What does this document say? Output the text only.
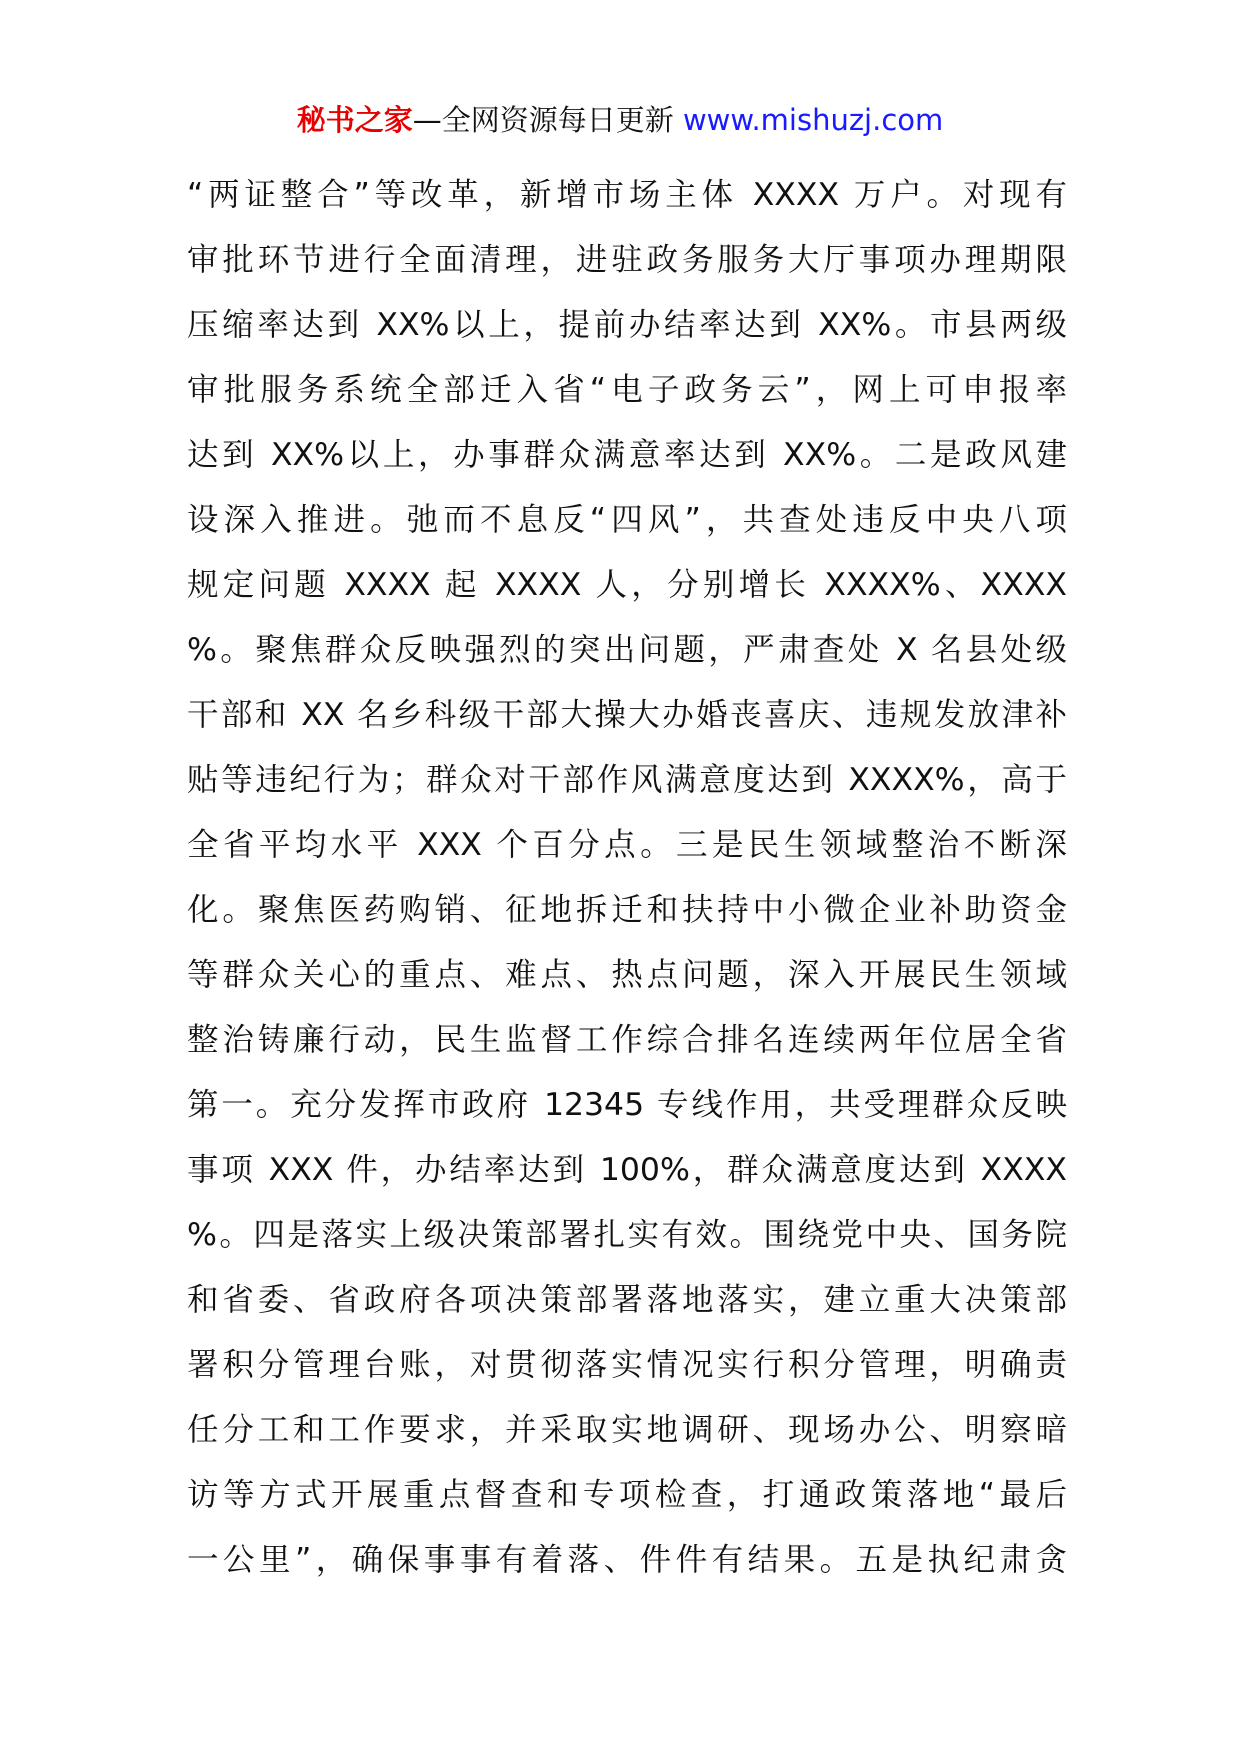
秘书之家—全网资源每日更新 www.mishuzj.com
“两证整合”等改革，新增市场主体 XXXX 万户。对现有
审批环节进行全面清理，进驻政务服务大厅事项办理期限
压缩率达到 XX%以上，提前办结率达到 XX%。市县两级
审批服务系统全部迁入省“电子政务云”，网上可申报率
达到 XX%以上，办事群众满意率达到 XX%。二是政风建
设深入推进。弛而不息反“四风”，共查处违反中央八项
规定问题 XXXX 起 XXXX 人，分别增长 XXXX%、XXXX
%。聚焦群众反映强烈的突出问题，严肃查处 X 名县处级
干部和 XX 名乡科级干部大操大办婚丧喜庆、违规发放津补
贴等违纪行为；群众对干部作风满意度达到 XXXX%，高于
全省平均水平 XXX 个百分点。三是民生领域整治不断深
化。聚焦医药购销、征地拆迁和扶持中小微企业补助资金
等群众关心的重点、难点、热点问题，深入开展民生领域
整治铸廉行动，民生监督工作综合排名连续两年位居全省
第一。充分发挥市政府 12345 专线作用，共受理群众反映
事项 XXX 件，办结率达到 100%，群众满意度达到 XXXX
%。四是落实上级决策部署扎实有效。围绕党中央、国务院
和省委、省政府各项决策部署落地落实，建立重大决策部
署积分管理台账，对贯彻落实情况实行积分管理，明确责
任分工和工作要求，并采取实地调研、现场办公、明察暗
访等方式开展重点督查和专项检查，打通政策落地“最后
一公里”，确保事事有着落、件件有结果。五是执纪肃贪
